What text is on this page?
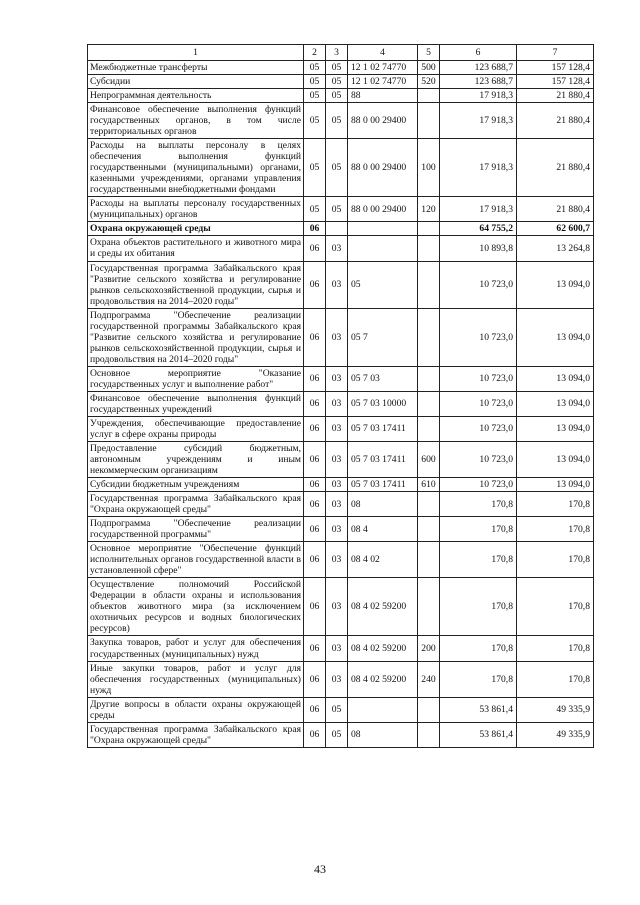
1	2	3	4	5	6	7
Межбюджетные трансферты	05	05	12 1 02 74770	500	123 688,7	157 128,4
Субсидии	05	05	12 1 02 74770	520	123 688,7	157 128,4
Непрограммная деятельность	05	05	88		17 918,3	21 880,4
Финансовое обеспечение выполнения функций государственных органов, в том числе территориальных органов	05	05	88 0 00 29400		17 918,3	21 880,4
Расходы на выплаты персоналу в целях обеспечения выполнения функций государственными (муниципальными) органами, казенными учреждениями, органами управления государственными внебюджетными фондами	05	05	88 0 00 29400	100	17 918,3	21 880,4
Расходы на выплаты персоналу государственных (муниципальных) органов	05	05	88 0 00 29400	120	17 918,3	21 880,4
Охрана окружающей среды	06				64 755,2	62 600,7
Охрана объектов растительного и животного мира и среды их обитания	06	03			10 893,8	13 264,8
Государственная программа Забайкальского края "Развитие сельского хозяйства и регулирование рынков сельскохозяйственной продукции, сырья и продовольствия на 2014–2020 годы"	06	03	05		10 723,0	13 094,0
Подпрограмма "Обеспечение реализации государственной программы Забайкальского края "Развитие сельского хозяйства и регулирование рынков сельскохозяйственной продукции, сырья и продовольствия на 2014–2020 годы"	06	03	05 7		10 723,0	13 094,0
Основное мероприятие "Оказание государственных услуг и выполнение работ"	06	03	05 7 03		10 723,0	13 094,0
Финансовое обеспечение выполнения функций государственных учреждений	06	03	05 7 03 10000		10 723,0	13 094,0
Учреждения, обеспечивающие предоставление услуг в сфере охраны природы	06	03	05 7 03 17411		10 723,0	13 094,0
Предоставление субсидий бюджетным, автономным учреждениям и иным некоммерческим организациям	06	03	05 7 03 17411	600	10 723,0	13 094,0
Субсидии бюджетным учреждениям	06	03	05 7 03 17411	610	10 723,0	13 094,0
Государственная программа Забайкальского края "Охрана окружающей среды"	06	03	08		170,8	170,8
Подпрограмма "Обеспечение реализации государственной программы"	06	03	08 4		170,8	170,8
Основное мероприятие "Обеспечение функций исполнительных органов государственной власти в установленной сфере"	06	03	08 4 02		170,8	170,8
Осуществление полномочий Российской Федерации в области охраны и использования объектов животного мира (за исключением охотничьих ресурсов и водных биологических ресурсов)	06	03	08 4 02 59200		170,8	170,8
Закупка товаров, работ и услуг для обеспечения государственных (муниципальных) нужд	06	03	08 4 02 59200	200	170,8	170,8
Иные закупки товаров, работ и услуг для обеспечения государственных (муниципальных) нужд	06	03	08 4 02 59200	240	170,8	170,8
Другие вопросы в области охраны окружающей среды	06	05			53 861,4	49 335,9
Государственная программа Забайкальского края "Охрана окружающей среды"	06	05	08		53 861,4	49 335,9
43
